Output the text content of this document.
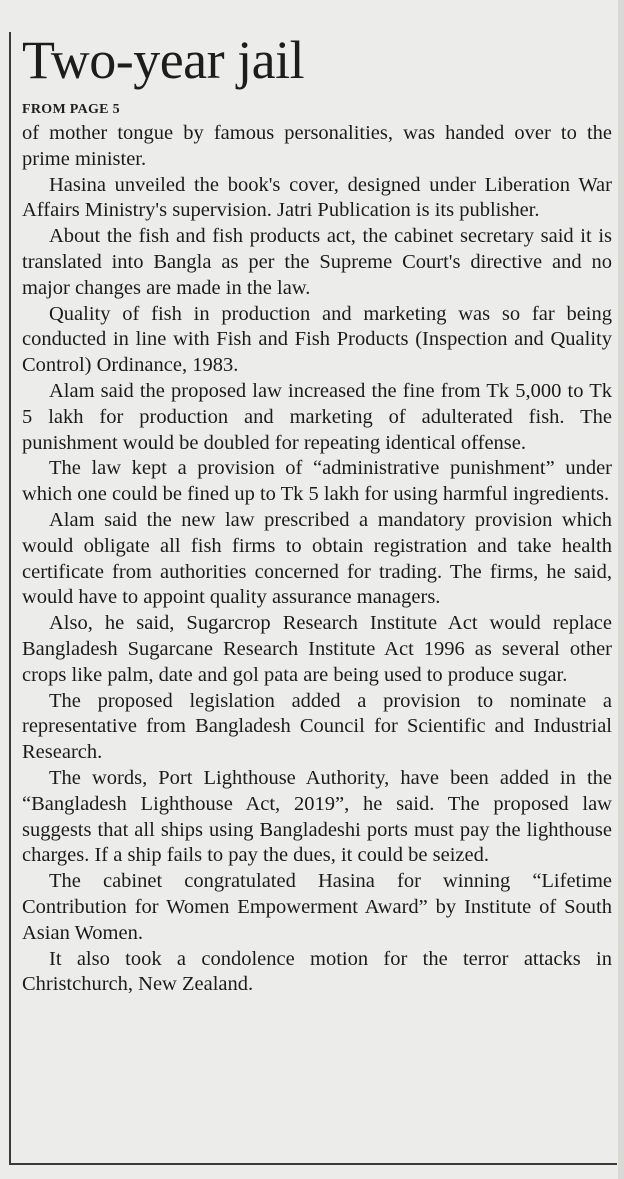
Two-year jail
FROM PAGE 5

of mother tongue by famous personalities, was handed over to the prime minister.

Hasina unveiled the book's cover, designed under Liberation War Affairs Ministry's supervision. Jatri Publication is its publisher.

About the fish and fish products act, the cabinet secretary said it is translated into Bangla as per the Supreme Court's directive and no major changes are made in the law.

Quality of fish in production and marketing was so far being conducted in line with Fish and Fish Products (Inspection and Quality Control) Ordinance, 1983.

Alam said the proposed law increased the fine from Tk 5,000 to Tk 5 lakh for production and marketing of adulterated fish. The punishment would be doubled for repeating identical offense.

The law kept a provision of “administrative punishment” under which one could be fined up to Tk 5 lakh for using harmful ingredients.

Alam said the new law prescribed a mandatory provision which would obligate all fish firms to obtain registration and take health certificate from authorities concerned for trading. The firms, he said, would have to appoint quality assurance managers.

Also, he said, Sugarcrop Research Institute Act would replace Bangladesh Sugarcane Research Institute Act 1996 as several other crops like palm, date and gol pata are being used to produce sugar.

The proposed legislation added a provision to nominate a representative from Bangladesh Council for Scientific and Industrial Research.

The words, Port Lighthouse Authority, have been added in the “Bangladesh Lighthouse Act, 2019”, he said. The proposed law suggests that all ships using Bangladeshi ports must pay the lighthouse charges. If a ship fails to pay the dues, it could be seized.

The cabinet congratulated Hasina for winning “Lifetime Contribution for Women Empowerment Award” by Institute of South Asian Women.

It also took a condolence motion for the terror attacks in Christchurch, New Zealand.
